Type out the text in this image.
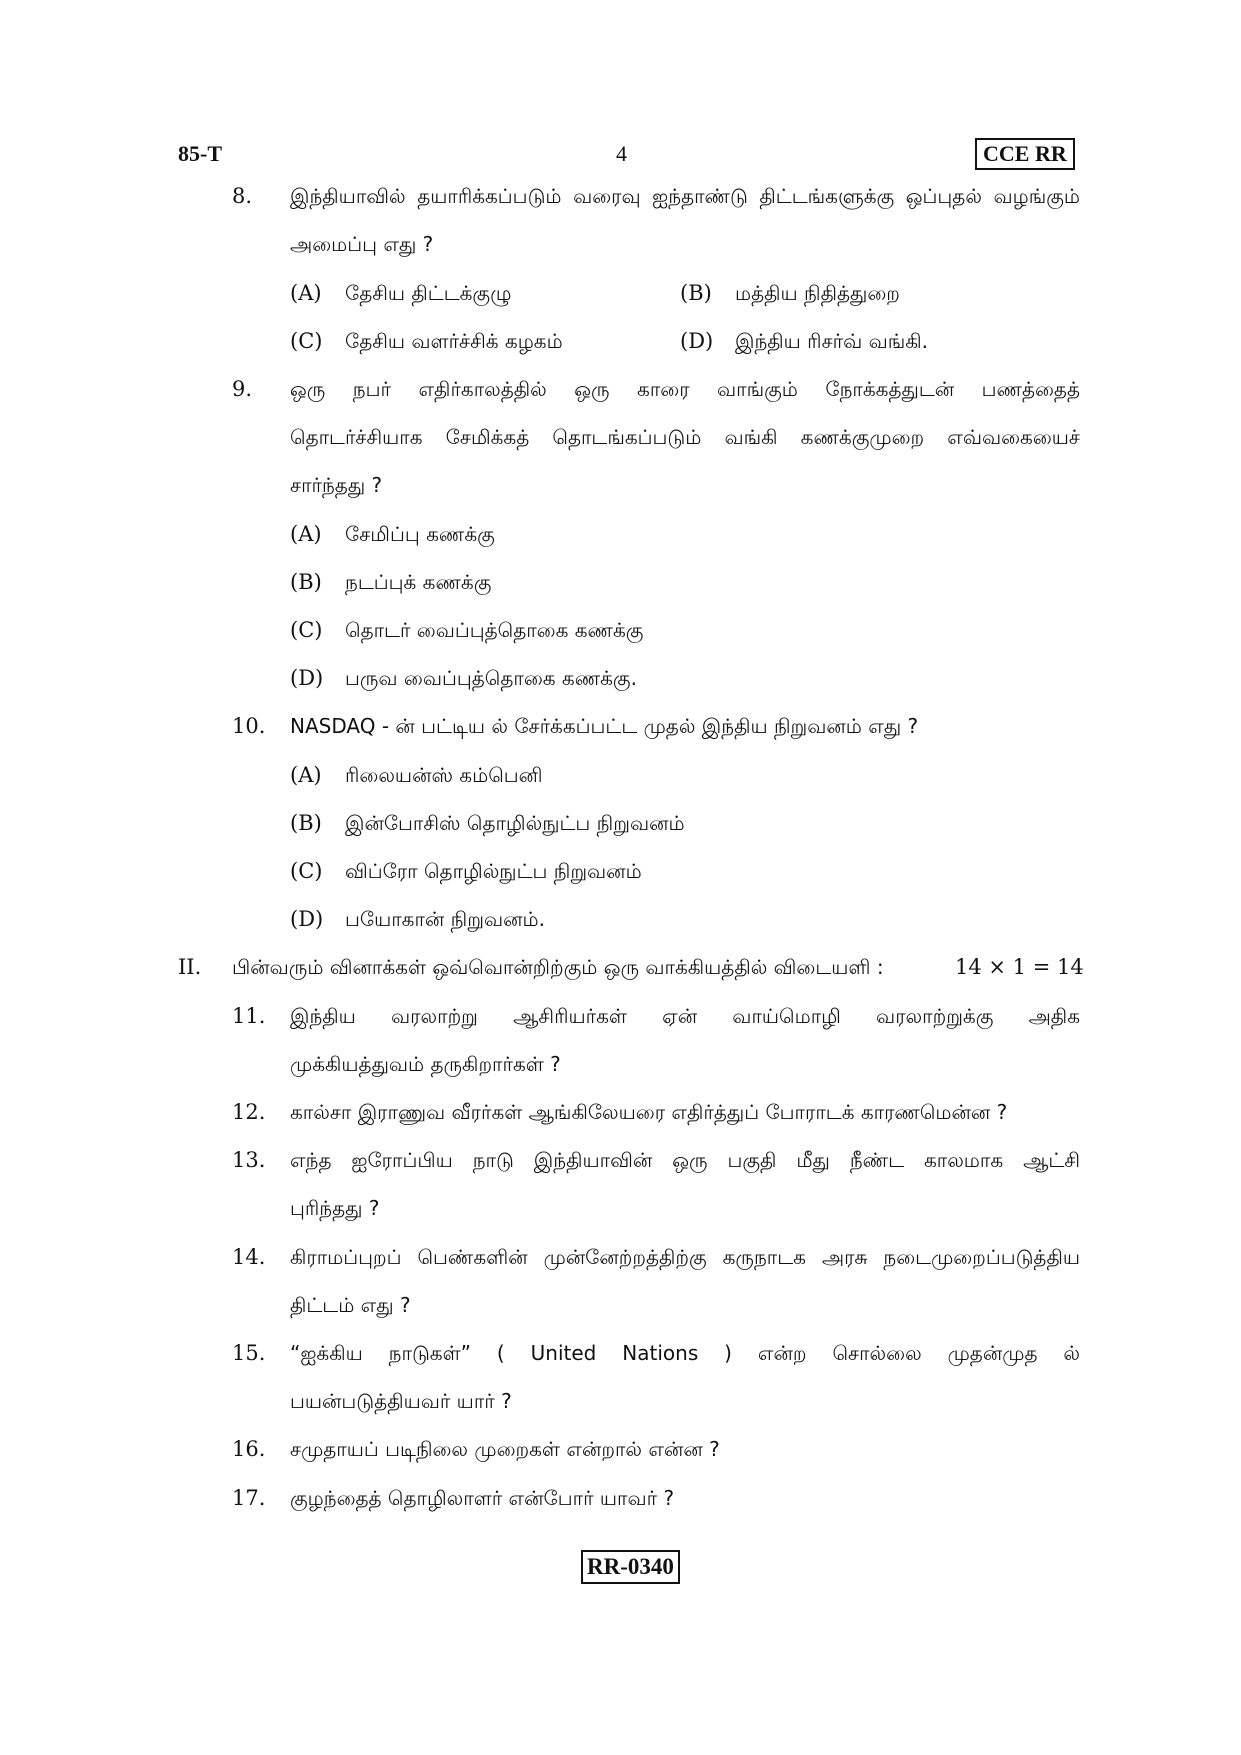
85-T	4	CCE RR
8. இந்தியாவில் தயாரிக்கப்படும் வரைவு ஐந்தாண்டு திட்டங்களுக்கு ஒப்புதல் வழங்கும்
அமைப்பு எது ?
(A) தேசிய திட்டக்குழு	(B) மத்திய நிதித்துறை
(C) தேசிய வளர்ச்சிக் கழகம்	(D) இந்திய ரிசர்வ் வங்கி.
9. ஒரு நபர் எதிர்காலத்தில் ஒரு காரை வாங்கும் நோக்கத்துடன் பணத்தைத்
தொடர்ச்சியாக சேமிக்கத் தொடங்கப்படும் வங்கி கணக்குமுறை எவ்வகையைச்
சார்ந்தது ?
(A) சேமிப்பு கணக்கு
(B) நடப்புக் கணக்கு
(C) தொடர் வைப்புத்தொகை கணக்கு
(D) பருவ வைப்புத்தொகை கணக்கு.
10. NASDAQ - ன் பட்டிய ல் சேர்க்கப்பட்ட முதல் இந்திய நிறுவனம் எது ?
(A) ரிலையன்ஸ் கம்பெனி
(B) இன்போசிஸ் தொழில்நுட்ப நிறுவனம்
(C) விப்ரோ தொழில்நுட்ப நிறுவனம்
(D) பயோகான் நிறுவனம்.
II. பின்வரும் வினாக்கள் ஒவ்வொன்றிற்கும் ஒரு வாக்கியத்தில் விடையளி :	14 × 1 = 14
11. இந்திய வரலாற்று ஆசிரியர்கள் ஏன் வாய்மொழி வரலாற்றுக்கு அதிக
முக்கியத்துவம் தருகிறார்கள் ?
12. கால்சா இராணுவ வீரர்கள் ஆங்கிலேயரை எதிர்த்துப் போராடக் காரணமென்ன ?
13. எந்த ஐரோப்பிய நாடு இந்தியாவின் ஒரு பகுதி மீது நீண்ட காலமாக ஆட்சி
புரிந்தது ?
14. கிராமப்புறப் பெண்களின் முன்னேற்றத்திற்கு கருநாடக அரசு நடைமுறைப்படுத்திய
திட்டம் எது ?
15. “ஐக்கிய நாடுகள்” ( United Nations ) என்ற சொல்லை முதன்முத ல்
பயன்படுத்தியவர் யார் ?
16. சமுதாயப் படிநிலை முறைகள் என்றால் என்ன ?
17. குழந்தைத் தொழிலாளர் என்போர் யாவர் ?
RR-0340
